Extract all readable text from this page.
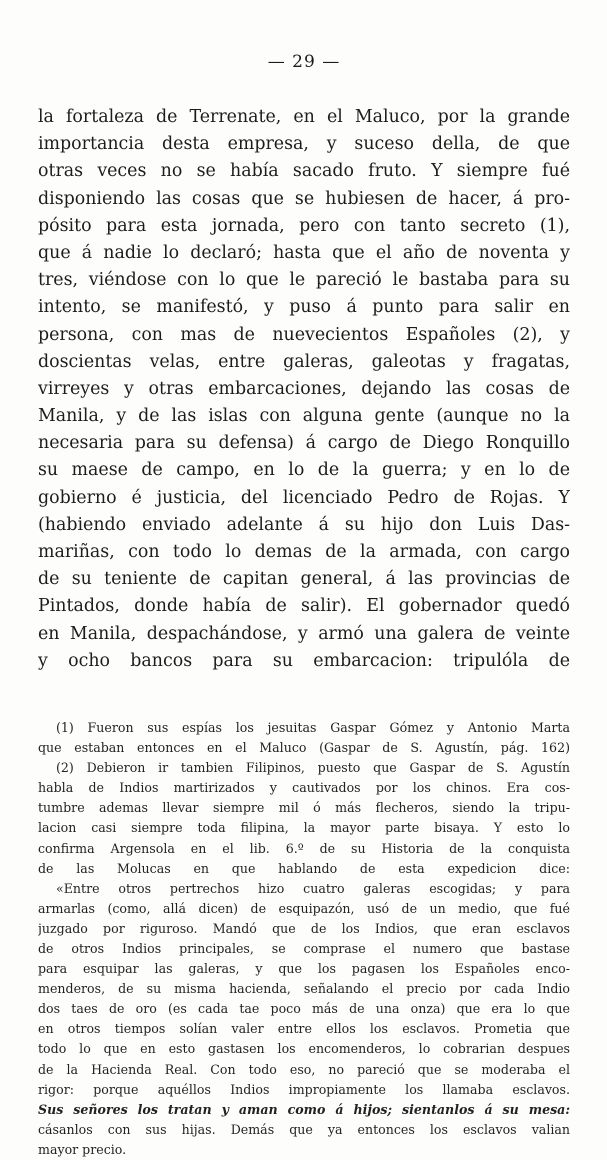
— 29 —
la fortaleza de Terrenate, en el Maluco, por la grande
importancia desta empresa, y suceso della, de que
otras veces no se había sacado fruto. Y siempre fué
disponiendo las cosas que se hubiesen de hacer, á pro-
pósito para esta jornada, pero con tanto secreto (1),
que á nadie lo declaró; hasta que el año de noventa y
tres, viéndose con lo que le pareció le bastaba para su
intento, se manifestó, y puso á punto para salir en
persona, con mas de nuevecientos Españoles (2), y
doscientas velas, entre galeras, galeotas y fragatas,
virreyes y otras embarcaciones, dejando las cosas de
Manila, y de las islas con alguna gente (aunque no la
necesaria para su defensa) á cargo de Diego Ronquillo
su maese de campo, en lo de la guerra; y en lo de
gobierno é justicia, del licenciado Pedro de Rojas. Y
(habiendo enviado adelante á su hijo don Luis Das-
mariñas, con todo lo demas de la armada, con cargo
de su teniente de capitan general, á las provincias de
Pintados, donde había de salir). El gobernador quedó
en Manila, despachándose, y armó una galera de veinte
y ocho bancos para su embarcacion: tripulóla de
(1) Fueron sus espías los jesuitas Gaspar Gómez y Antonio Marta
que estaban entonces en el Maluco (Gaspar de S. Agustín, pág. 162)
(2) Debieron ir tambien Filipinos, puesto que Gaspar de S. Agustín
habla de Indios martirizados y cautivados por los chinos. Era cos-
tumbre ademas llevar siempre mil ó más flecheros, siendo la tripu-
lacion casi siempre toda filipina, la mayor parte bisaya. Y esto lo
confirma Argensola en el lib. 6.º de su Historia de la conquista
de las Molucas en que hablando de esta expedicion dice:
«Entre otros pertrechos hizo cuatro galeras escogidas; y para
armarlas (como, allá dicen) de esquipazón, usó de un medio, que fué
juzgado por riguroso. Mandó que de los Indios, que eran esclavos
de otros Indios principales, se comprase el numero que bastase
para esquipar las galeras, y que los pagasen los Españoles enco-
menderos, de su misma hacienda, señalando el precio por cada Indio
dos taes de oro (es cada tae poco más de una onza) que era lo que
en otros tiempos solían valer entre ellos los esclavos. Prometia que
todo lo que en esto gastasen los encomenderos, lo cobrarian despues
de la Hacienda Real. Con todo eso, no pareció que se moderaba el
rigor: porque aquéllos Indios impropiamente los llamaba esclavos.
Sus señores los tratan y aman como á hijos; sientanlos á su mesa:
cásanlos con sus hijas. Demás que ya entonces los esclavos valian
mayor precio.
